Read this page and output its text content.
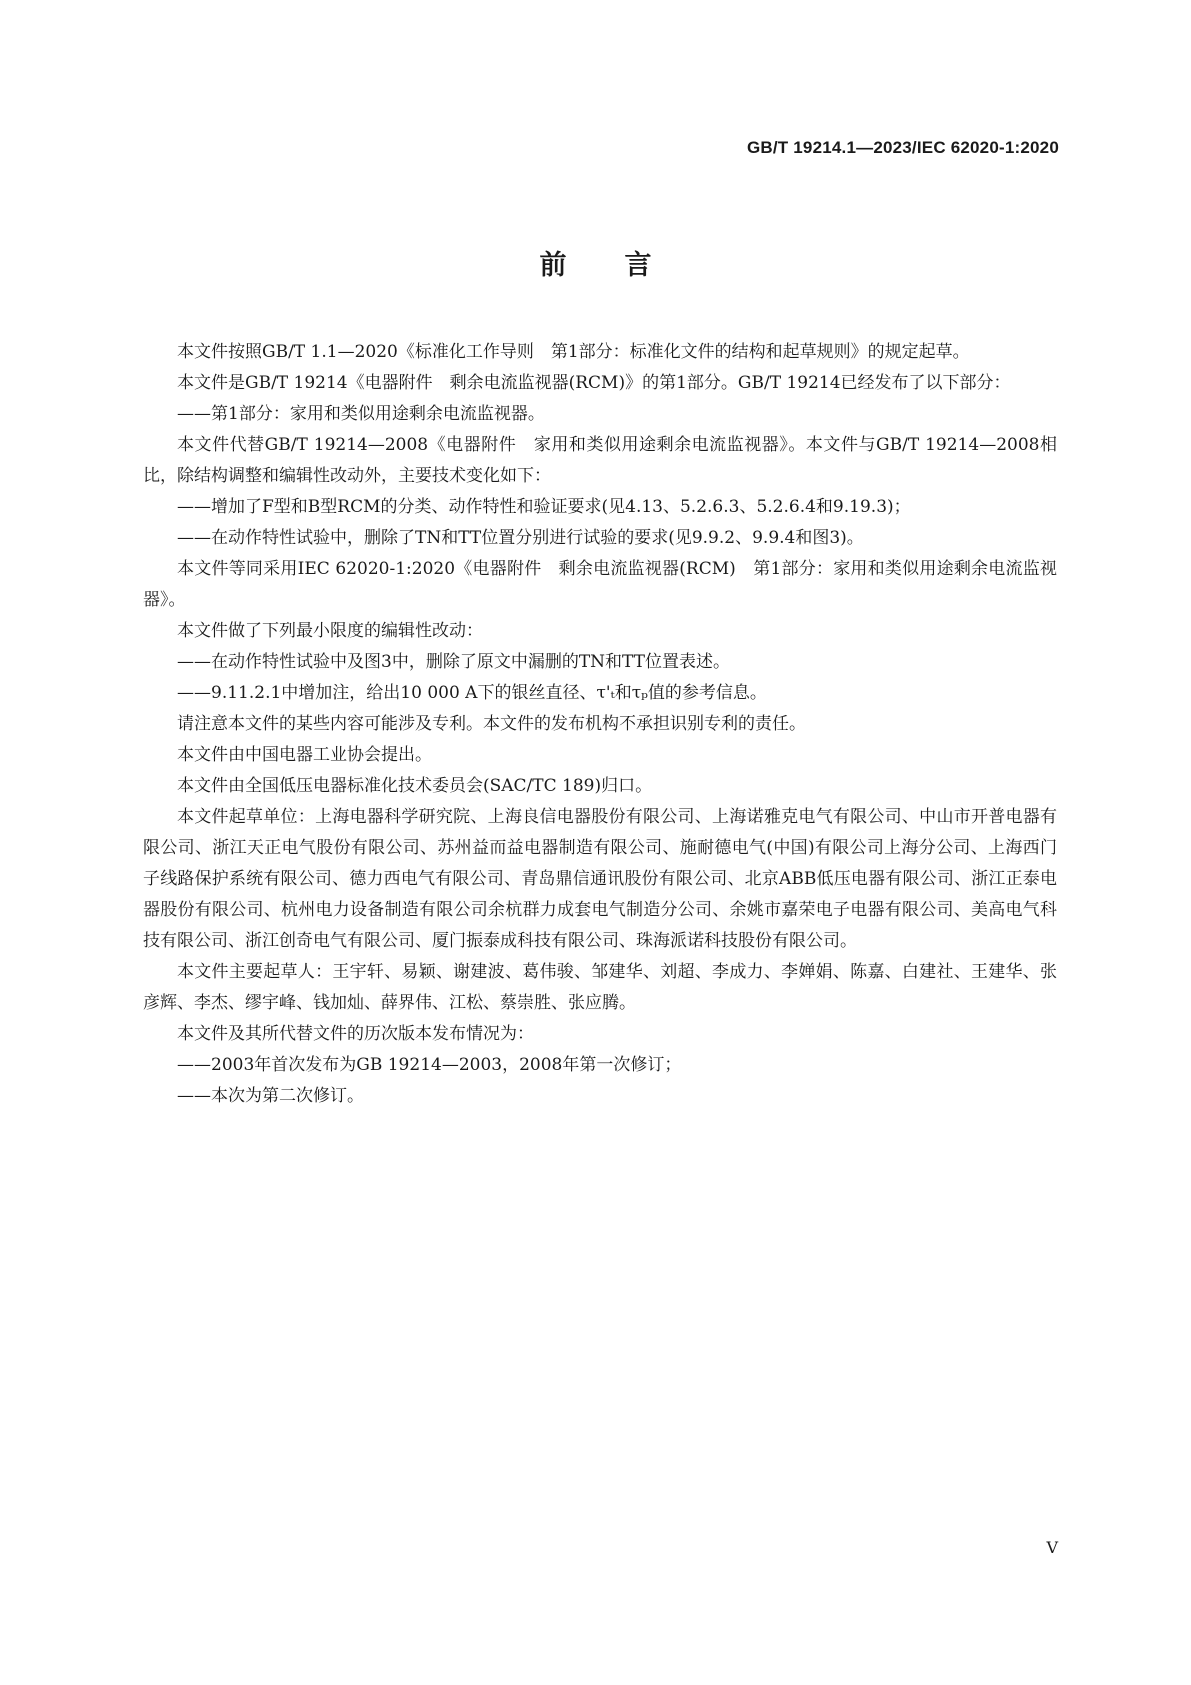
GB/T 19214.1—2023/IEC 62020-1:2020
前言

本文件按照GB/T 1.1—2020《标准化工作导则　第1部分：标准化文件的结构和起草规则》的规定起草。

本文件是GB/T 19214《电器附件　剩余电流监视器(RCM)》的第1部分。GB/T 19214已经发布了以下部分：

——第1部分：家用和类似用途剩余电流监视器。

本文件代替GB/T 19214—2008《电器附件　家用和类似用途剩余电流监视器》。本文件与GB/T 19214—2008相比，除结构调整和编辑性改动外，主要技术变化如下：

——增加了F型和B型RCM的分类、动作特性和验证要求(见4.13、5.2.6.3、5.2.6.4和9.19.3)；

——在动作特性试验中，删除了TN和TT位置分别进行试验的要求(见9.9.2、9.9.4和图3)。

本文件等同采用IEC 62020-1:2020《电器附件　剩余电流监视器(RCM)　第1部分：家用和类似用途剩余电流监视器》。

本文件做了下列最小限度的编辑性改动：

——在动作特性试验中及图3中，删除了原文中漏删的TN和TT位置表述。

——9.11.2.1中增加注，给出10 000 A下的银丝直径、τ'ₜ和τₚ值的参考信息。

请注意本文件的某些内容可能涉及专利。本文件的发布机构不承担识别专利的责任。

本文件由中国电器工业协会提出。

本文件由全国低压电器标准化技术委员会(SAC/TC 189)归口。

本文件起草单位：上海电器科学研究院、上海良信电器股份有限公司、上海诺雅克电气有限公司、中山市开普电器有限公司、浙江天正电气股份有限公司、苏州益而益电器制造有限公司、施耐德电气(中国)有限公司上海分公司、上海西门子线路保护系统有限公司、德力西电气有限公司、青岛鼎信通讯股份有限公司、北京ABB低压电器有限公司、浙江正泰电器股份有限公司、杭州电力设备制造有限公司余杭群力成套电气制造分公司、余姚市嘉荣电子电器有限公司、美高电气科技有限公司、浙江创奇电气有限公司、厦门振泰成科技有限公司、珠海派诺科技股份有限公司。

本文件主要起草人：王宇轩、易颖、谢建波、葛伟骏、邹建华、刘超、李成力、李婵娟、陈嘉、白建社、王建华、张彦辉、李杰、缪宇峰、钱加灿、薛界伟、江松、蔡崇胜、张应腾。

本文件及其所代替文件的历次版本发布情况为：

——2003年首次发布为GB 19214—2003，2008年第一次修订；

——本次为第二次修订。

V
